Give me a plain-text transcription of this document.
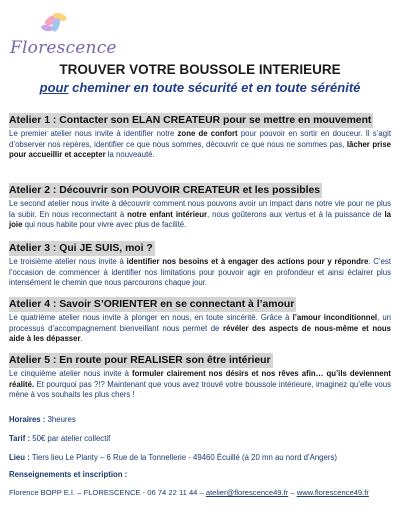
Florescence
TROUVER VOTRE BOUSSOLE INTERIEURE
pour cheminer en toute sécurité et en toute sérénité
Atelier 1 : Contacter son ELAN CREATEUR pour se mettre en mouvement
Le premier atelier nous invite à identifier notre zone de confort pour pouvoir en sortir en douceur. Il s’agit d’observer nos repères, identifier ce que nous sommes, découvrir ce que nous ne sommes pas, lâcher prise pour accueillir et accepter la nouveauté.
Atelier 2 : Découvrir son POUVOIR CREATEUR et les possibles
Le second atelier nous invite à découvrir comment nous pouvons avoir un impact dans notre vie pour ne plus la subir. En nous reconnectant à notre enfant intérieur, nous goûterons aux vertus et à la puissance de la joie qui nous habite pour vivre avec plus de facilité.
Atelier 3 : Qui JE SUIS, moi ?
Le troisième atelier nous invite à identifier nos besoins et à engager des actions pour y répondre. C’est l’occasion de commencer à identifier nos limitations pour pouvoir agir en profondeur et ainsi éclairer plus intensément le chemin que nous parcourons chaque jour.
Atelier 4 : Savoir S’ORIENTER en se connectant à l’amour
Le quatrième atelier nous invite à plonger en nous, en toute sincérité. Grâce à l’amour inconditionnel, un processus d’accompagnement bienveillant nous permet de révéler des aspects de nous-même et nous aide à les dépasser.
Atelier 5 : En route pour REALISER son être intérieur
Le cinquième atelier nous invite à formuler clairement nos désirs et nos rêves afin… qu’ils deviennent réalité. Et pourquoi pas ?!? Maintenant que vous avez trouvé votre boussole intérieure, imaginez qu’elle vous mène à vos souhaits les plus chers !
Horaires : 3heures
Tarif : 50€ par atelier collectif
Lieu : Tiers lieu Le Planty – 6 Rue de la Tonnellerie - 49460 Écuillé (à 20 mn au nord d’Angers)
Renseignements et inscription :
Florence BOPP E.I. – FLORESCENCE - 06 74 22 11 44 – atelier@florescence49.fr – www.florescence49.fr
